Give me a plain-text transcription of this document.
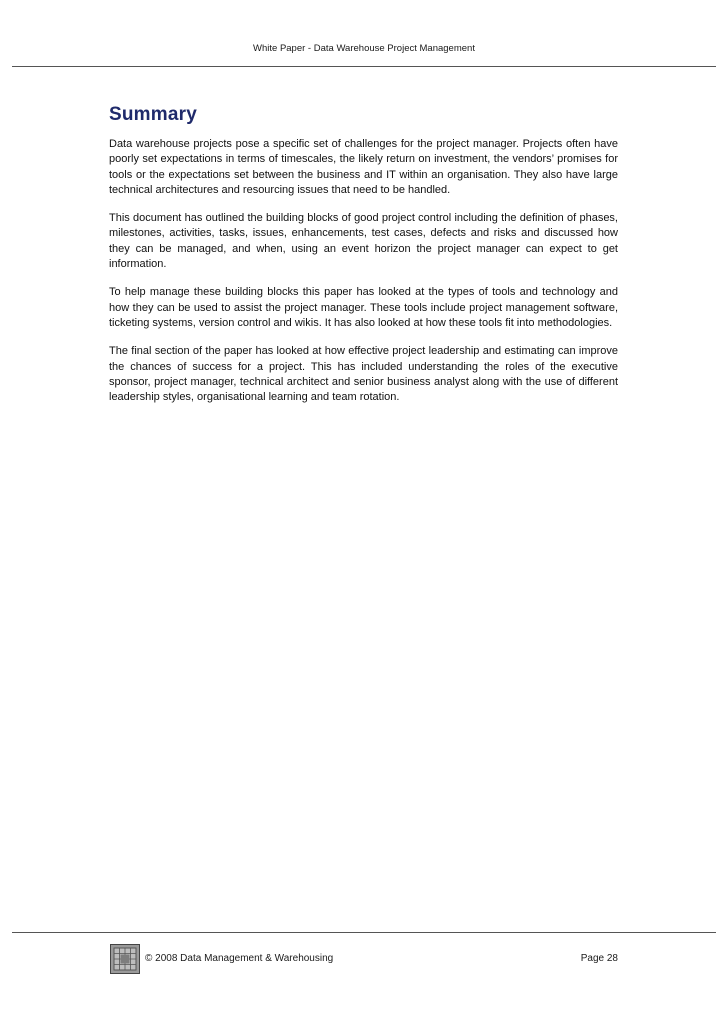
White Paper - Data Warehouse Project Management
Summary

Data warehouse projects pose a specific set of challenges for the project manager. Projects often have poorly set expectations in terms of timescales, the likely return on investment, the vendors’ promises for tools or the expectations set between the business and IT within an organisation. They also have large technical architectures and resourcing issues that need to be handled.

This document has outlined the building blocks of good project control including the definition of phases, milestones, activities, tasks, issues, enhancements, test cases, defects and risks and discussed how they can be managed, and when, using an event horizon the project manager can expect to get information.

To help manage these building blocks this paper has looked at the types of tools and technology and how they can be used to assist the project manager. These tools include project management software, ticketing systems, version control and wikis. It has also looked at how these tools fit into methodologies.

The final section of the paper has looked at how effective project leadership and estimating can improve the chances of success for a project. This has included understanding the roles of the executive sponsor, project manager, technical architect and senior business analyst along with the use of different leadership styles, organisational learning and team rotation.

© 2008 Data Management & Warehousing	Page 28
